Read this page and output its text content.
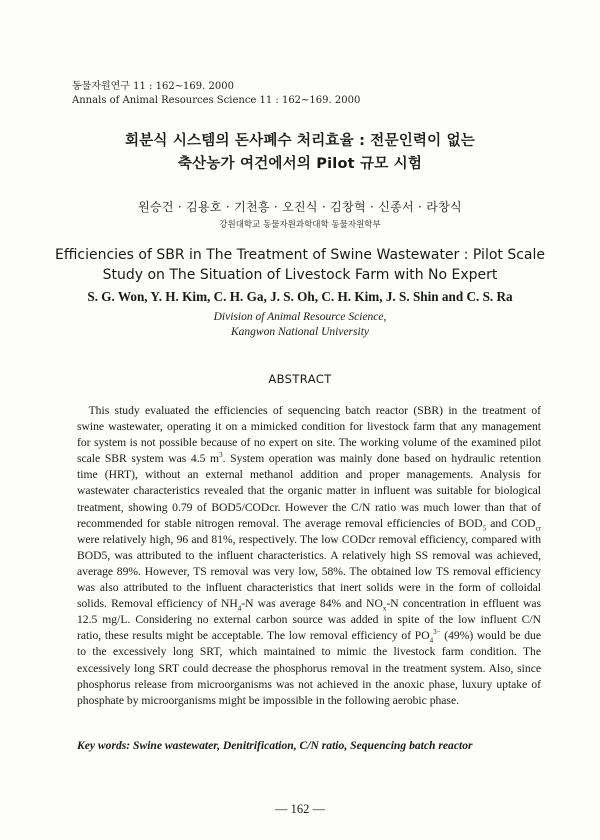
동물자원연구 11 : 162~169. 2000
Annals of Animal Resources Science 11 : 162~169. 2000
회분식 시스템의 돈사폐수 처리효율 : 전문인력이 없는
축산농가 여건에서의 Pilot 규모 시험
원승건 · 김용호 · 기천흥 · 오진식 · 김창혁 · 신종서 · 라창식
강원대학교 동물자원과학대학 동물자원학부
Efficiencies of SBR in The Treatment of Swine Wastewater : Pilot Scale
Study on The Situation of Livestock Farm with No Expert
S. G. Won, Y. H. Kim, C. H. Ga, J. S. Oh, C. H. Kim, J. S. Shin and C. S. Ra
Division of Animal Resource Science,
Kangwon National University
ABSTRACT
 This study evaluated the efficiencies of sequencing batch reactor (SBR) in the treatment of
swine wastewater, operating it on a mimicked condition for livestock farm that any management
for system is not possible because of no expert on site. The working volume of the examined pilot
scale SBR system was 4.5 $m^3$. System operation was mainly done based on hydraulic retention
time (HRT), without an external methanol addition and proper managements. Analysis for
wastewater characteristics revealed that the organic matter in influent was suitable for biological
treatment, showing 0.79 of BOD5/CODcr. However the C/N ratio was much lower than that of
recommended for stable nitrogen removal. The average removal efficiencies of $BOD_5$ and $COD_{cr}$
were relatively high, 96 and 81%, respectively. The low CODcr removal efficiency, compared with
BOD5, was attributed to the influent characteristics. A relatively high SS removal was achieved,
average 89%. However, TS removal was very low, 58%. The obtained low TS removal efficiency
was also attributed to the influent characteristics that inert solids were in the form of colloidal
solids. Removal efficiency of $NH_4-N$ was average 84% and $NO_x-N$ concentration in effluent was
12.5 mg/L. Considering no external carbon source was added in spite of the low influent C/N
ratio, these results might be acceptable. The low removal efficiency of $PO_4^{3-}$ (49%) would be due
to the excessively long SRT, which maintained to mimic the livestock farm condition. The
excessively long SRT could decrease the phosphorus removal in the treatment system. Also, since
phosphorus release from microorganisms was not achieved in the anoxic phase, luxury uptake of
phosphate by microorganisms might be impossible in the following aerobic phase.
Key words: Swine wastewater, Denitrification, C/N ratio, Sequencing batch reactor
— 162 —
